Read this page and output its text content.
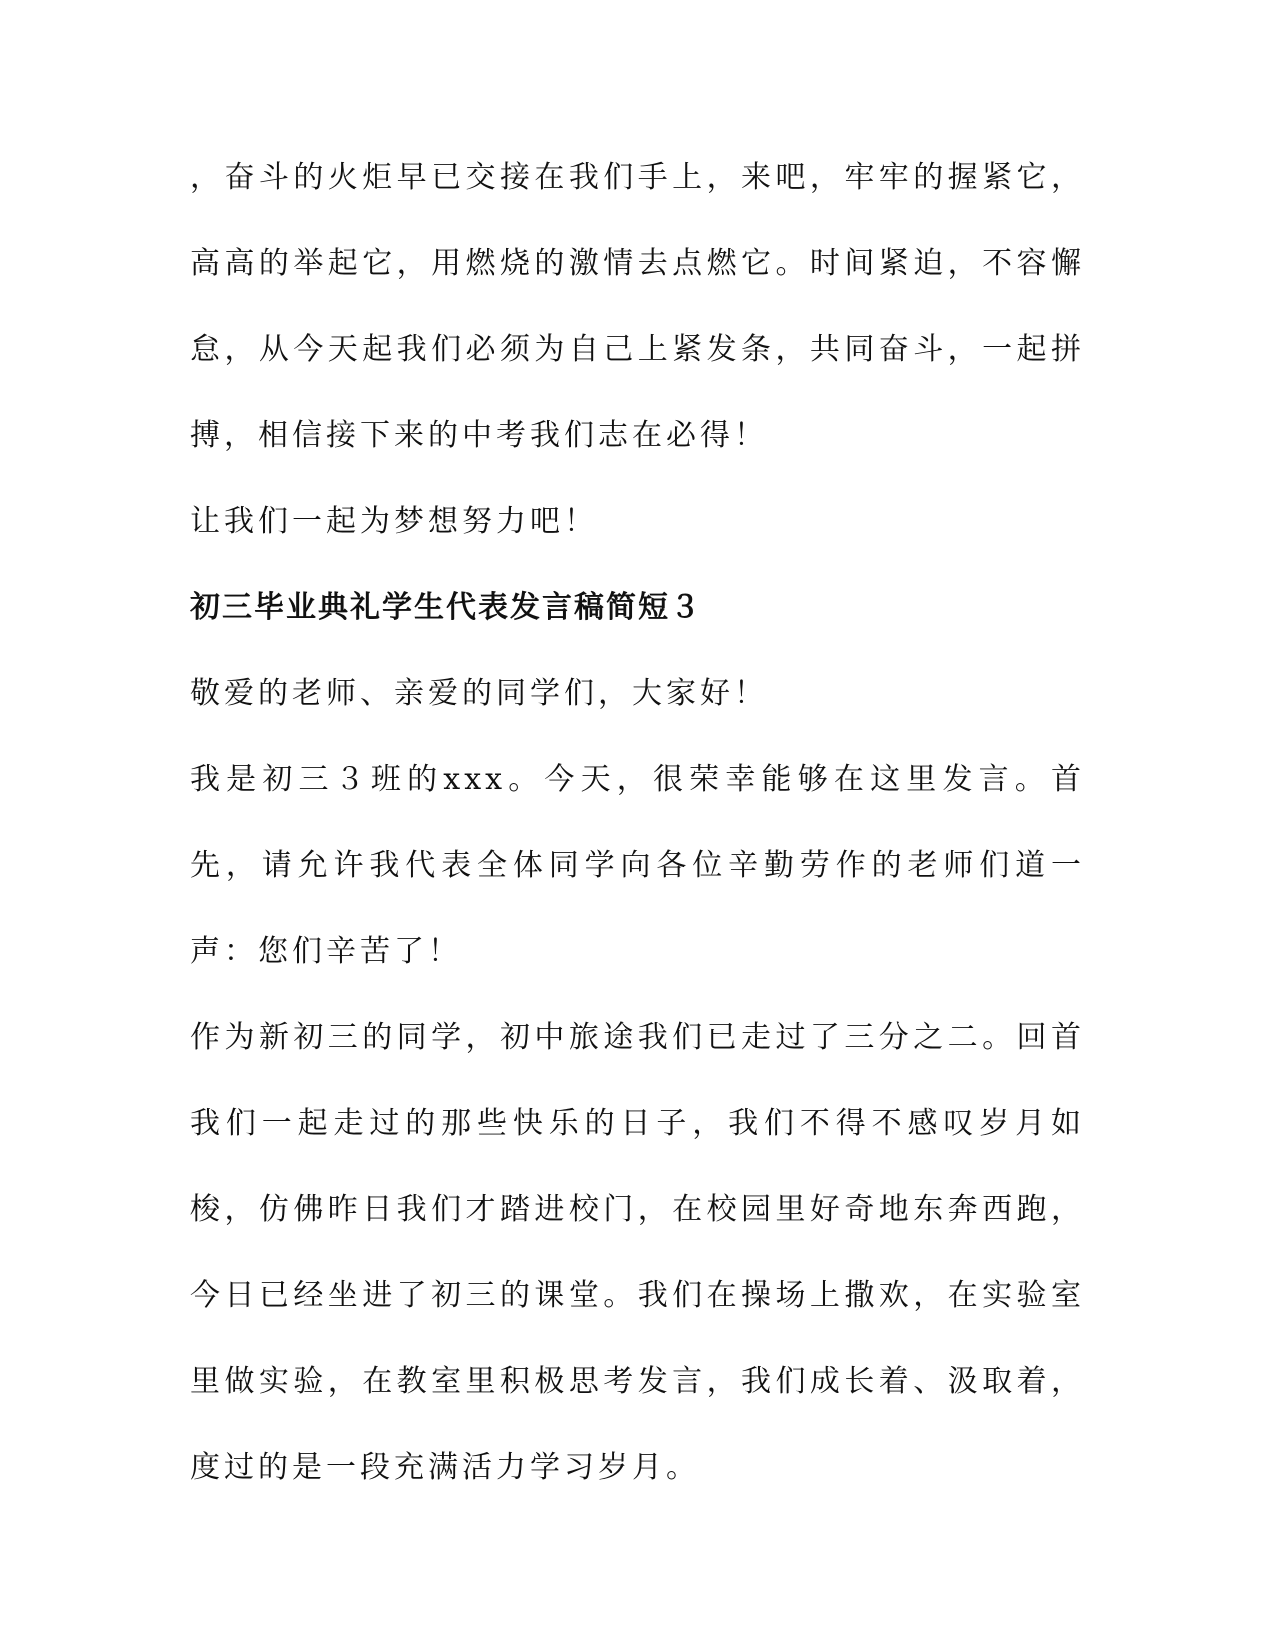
，奋斗的火炬早已交接在我们手上，来吧，牢牢的握紧它，高高的举起它，用燃烧的激情去点燃它。时间紧迫，不容懈怠，从今天起我们必须为自己上紧发条，共同奋斗，一起拼搏，相信接下来的中考我们志在必得！

让我们一起为梦想努力吧！

初三毕业典礼学生代表发言稿简短３

敬爱的老师、亲爱的同学们，大家好！

我是初三３班的xxx。今天，很荣幸能够在这里发言。首先，请允许我代表全体同学向各位辛勤劳作的老师们道一声：您们辛苦了！

作为新初三的同学，初中旅途我们已走过了三分之二。回首我们一起走过的那些快乐的日子，我们不得不感叹岁月如梭，仿佛昨日我们才踏进校门，在校园里好奇地东奔西跑，今日已经坐进了初三的课堂。我们在操场上撒欢，在实验室里做实验，在教室里积极思考发言，我们成长着、汲取着，度过的是一段充满活力学习岁月。
